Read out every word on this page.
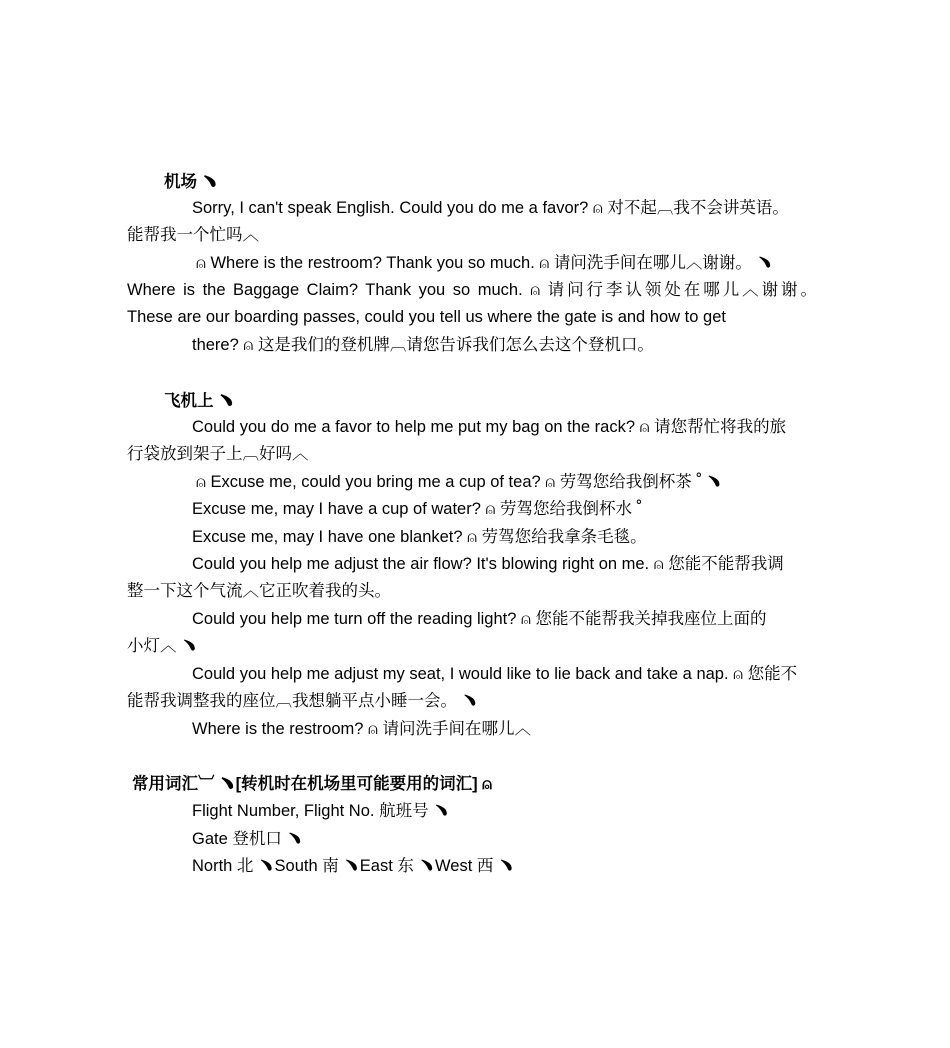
机场 ﹅
Sorry, I can't speak English. Could you do me a favor? ⍝ 对不起︹我不会讲英语。
能帮我一个忙吗︿
⍝ Where is the restroom? Thank you so much. ⍝ 请问洗手间在哪儿︿谢谢。 ﹅
Where is the Baggage Claim? Thank you so much. ⍝ 请问行李认领处在哪儿︿谢谢。
These are our boarding passes, could you tell us where the gate is and how to get
there? ⍝ 这是我们的登机牌︹请您告诉我们怎么去这个登机口。
飞机上 ﹅
Could you do me a favor to help me put my bag on the rack? ⍝ 请您帮忙将我的旅
行袋放到架子上︹好吗︿
⍝ Excuse me, could you bring me a cup of tea? ⍝ 劳驾您给我倒杯茶 ﹾ ﹅
Excuse me, may I have a cup of water? ⍝ 劳驾您给我倒杯水 ﹾ
Excuse me, may I have one blanket? ⍝ 劳驾您给我拿条毛毯。
Could you help me adjust the air flow? It's blowing right on me. ⍝ 您能不能帮我调
整一下这个气流︿它正吹着我的头。
Could you help me turn off the reading light? ⍝ 您能不能帮我关掉我座位上面的
小灯︿ ﹅
Could you help me adjust my seat, I would like to lie back and take a nap. ⍝ 您能不
能帮我调整我的座位︹我想躺平点小睡一会。 ﹅
Where is the restroom? ⍝ 请问洗手间在哪儿︿
常用词汇︺ ﹅[转机时在机场里可能要用的词汇] ⍝
Flight Number, Flight No. 航班号 ﹅
Gate 登机口 ﹅
North 北 ﹅South 南 ﹅East 东 ﹅West 西 ﹅
